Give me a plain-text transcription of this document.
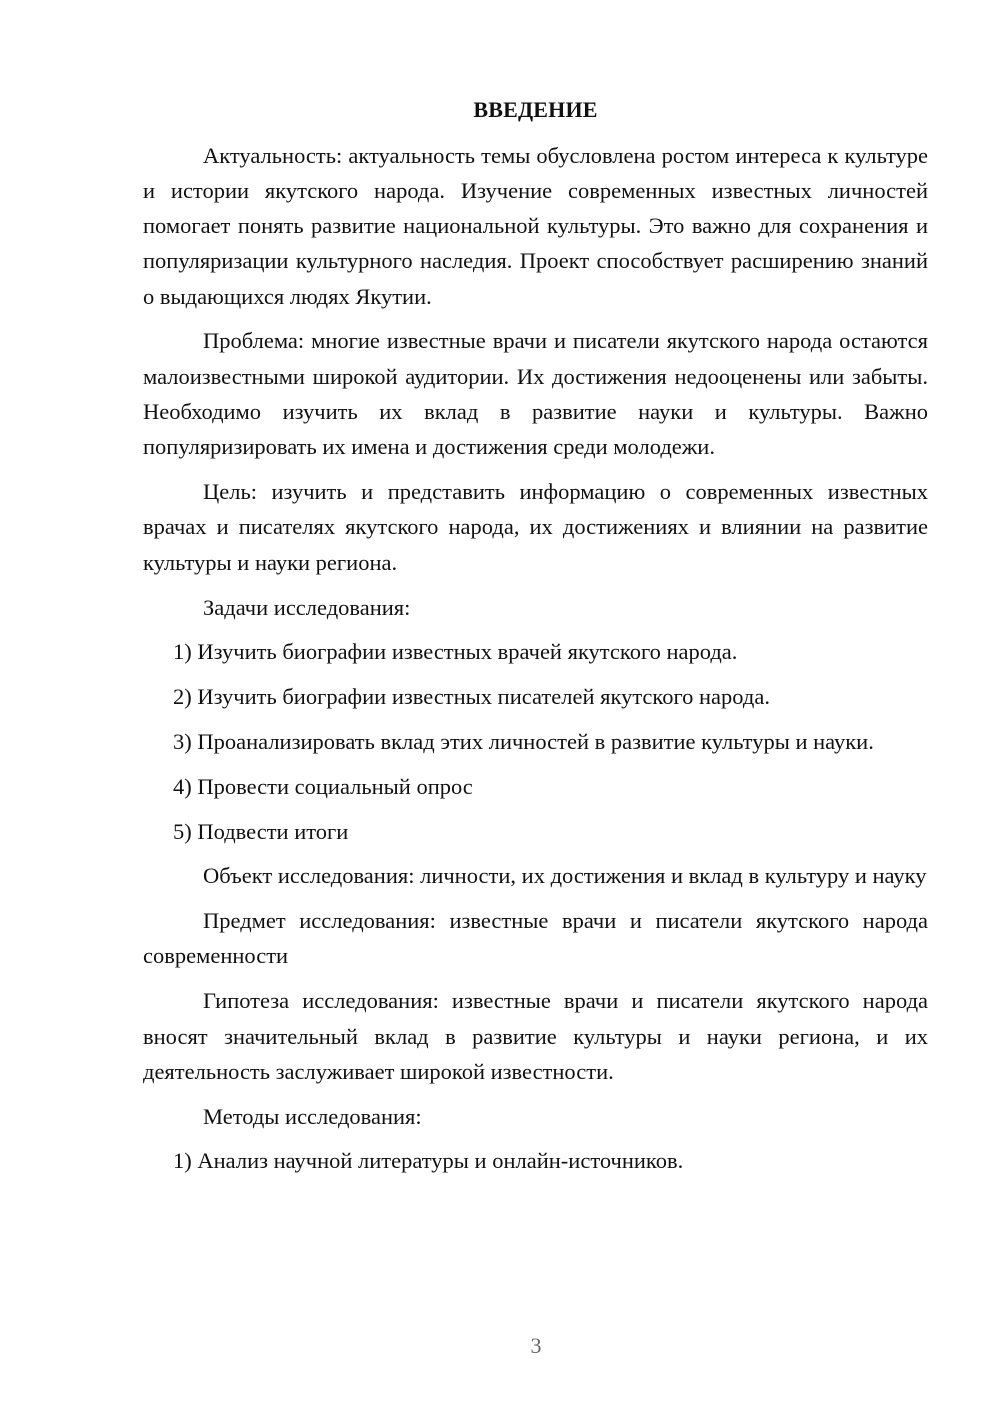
ВВЕДЕНИЕ

Актуальность: актуальность темы обусловлена ростом интереса к культуре и истории якутского народа. Изучение современных известных личностей помогает понять развитие национальной культуры. Это важно для сохранения и популяризации культурного наследия. Проект способствует расширению знаний о выдающихся людях Якутии.

Проблема: многие известные врачи и писатели якутского народа остаются малоизвестными широкой аудитории. Их достижения недооценены или забыты. Необходимо изучить их вклад в развитие науки и культуры. Важно популяризировать их имена и достижения среди молодежи.

Цель: изучить и представить информацию о современных известных врачах и писателях якутского народа, их достижениях и влиянии на развитие культуры и науки региона.

Задачи исследования:

1) Изучить биографии известных врачей якутского народа.

2) Изучить биографии известных писателей якутского народа.

3) Проанализировать вклад этих личностей в развитие культуры и науки.

4) Провести социальный опрос

5) Подвести итоги

Объект исследования: личности, их достижения и вклад в культуру и науку

Предмет исследования: известные врачи и писатели якутского народа современности

Гипотеза исследования: известные врачи и писатели якутского народа вносят значительный вклад в развитие культуры и науки региона, и их деятельность заслуживает широкой известности.

Методы исследования:

1) Анализ научной литературы и онлайн-источников.

3
